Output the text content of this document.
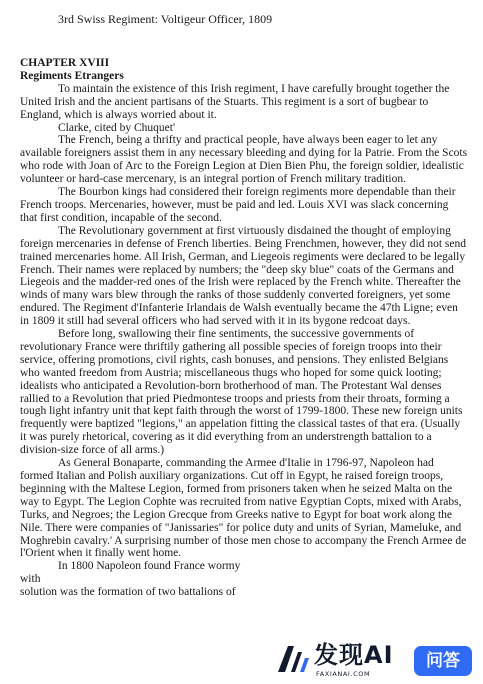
3rd Swiss Regiment: Voltigeur Officer, 1809

CHAPTER XVIII

Regiments Etrangers

To maintain the existence of this Irish regiment, I have carefully brought together the United Irish and the ancient partisans of the Stuarts. This regiment is a sort of bugbear to England, which is always worried about it.

Clarke, cited by Chuquet'

The French, being a thrifty and practical people, have always been eager to let any available foreigners assist them in any necessary bleeding and dying for la Patrie. From the Scots who rode with Joan of Arc to the Foreign Legion at Dien Bien Phu, the foreign soldier, idealistic volunteer or hard-case mercenary, is an integral portion of French military tradition.

The Bourbon kings had considered their foreign regiments more dependable than their French troops. Mercenaries, however, must be paid and led. Louis XVI was slack concerning that first condition, incapable of the second.

The Revolutionary government at first virtuously disdained the thought of employing foreign mercenaries in defense of French liberties. Being Frenchmen, however, they did not send trained mercenaries home. All Irish, German, and Liegeois regiments were declared to be legally French. Their names were replaced by numbers; the "deep sky blue" coats of the Germans and Liegeois and the madder-red ones of the Irish were replaced by the French white. Thereafter the winds of many wars blew through the ranks of those suddenly converted foreigners, yet some endured. The Regiment d'Infanterie Irlandais de Walsh eventually became the 47th Ligne; even in 1809 it still had several officers who had served with it in its bygone redcoat days.

Before long, swallowing their fine sentiments, the successive governments of revolutionary France were thriftily gathering all possible species of foreign troops into their service, offering promotions, civil rights, cash bonuses, and pensions. They enlisted Belgians who wanted freedom from Austria; miscellaneous thugs who hoped for some quick looting; idealists who anticipated a Revolution-born brotherhood of man. The Protestant Wal denses rallied to a Revolution that pried Piedmontese troops and priests from their throats, forming a tough light infantry unit that kept faith through the worst of 1799-1800. These new foreign units frequently were baptized "legions," an appelation fitting the classical tastes of that era. (Usually it was purely rhetorical, covering as it did everything from an understrength battalion to a division-size force of all arms.)

As General Bonaparte, commanding the Armee d'Italie in 1796-97, Napoleon had formed Italian and Polish auxiliary organizations. Cut off in Egypt, he raised foreign troops, beginning with the Maltese Legion, formed from prisoners taken when he seized Malta on the way to Egypt. The Legion Cophte was recruited from native Egyptian Copts, mixed with Arabs, Turks, and Negroes; the Legion Grecque from Greeks native to Egypt for boat work along the Nile. There were companies of "Janissaries" for police duty and units of Syrian, Mameluke, and Moghrebin cavalry.' A surprising number of those men chose to accompany the French Armee de l'Orient when it finally went home.

In 1800 Napoleon found France wormy with

solution was the formation of two battalions of

发现AI
FAXIANAI.COM
问答
